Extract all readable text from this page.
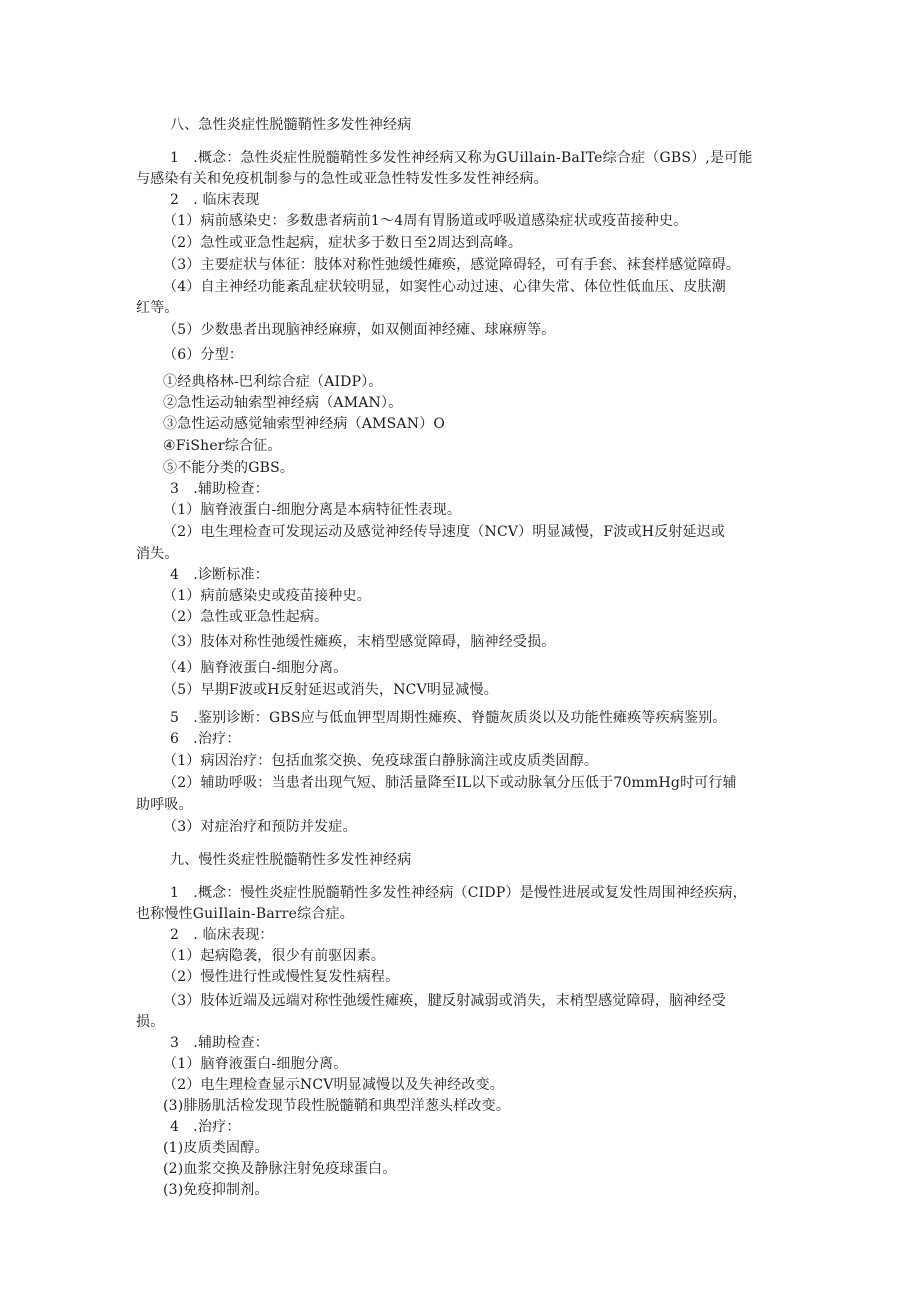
八、急性炎症性脱髓鞘性多发性神经病
1　.概念：急性炎症性脱髓鞘性多发性神经病又称为GUillain-BaITe综合症（GBS）,是可能
与感染有关和免疫机制参与的急性或亚急性特发性多发性神经病。
2　. 临床表现
（1）病前感染史：多数患者病前1～4周有胃肠道或呼吸道感染症状或疫苗接种史。
（2）急性或亚急性起病，症状多于数日至2周达到高峰。
（3）主要症状与体征：肢体对称性弛缓性瘫痪，感觉障碍轻，可有手套、袜套样感觉障碍。
（4）自主神经功能紊乱症状较明显，如窦性心动过速、心律失常、体位性低血压、皮肤潮
红等。
（5）少数患者出现脑神经麻痹，如双侧面神经瘫、球麻痹等。
（6）分型：
①经典格林-巴利综合症（AIDP）。
②急性运动轴索型神经病（AMAN）。
③急性运动感觉轴索型神经病（AMSAN）O
④FiSher综合征。
⑤不能分类的GBS。
3　.辅助检查：
（1）脑脊液蛋白-细胞分离是本病特征性表现。
（2）电生理检查可发现运动及感觉神经传导速度（NCV）明显减慢，F波或H反射延迟或
消失。
4　.诊断标准：
（1）病前感染史或疫苗接种史。
（2）急性或亚急性起病。
（3）肢体对称性弛缓性瘫痪，末梢型感觉障碍，脑神经受损。
（4）脑脊液蛋白-细胞分离。
（5）早期F波或H反射延迟或消失，NCV明显减慢。
5　.鉴别诊断：GBS应与低血钾型周期性瘫痪、脊髓灰质炎以及功能性瘫痪等疾病鉴别。
6　.治疗：
（1）病因治疗：包括血浆交换、免疫球蛋白静脉滴注或皮质类固醇。
（2）辅助呼吸：当患者出现气短、肺活量降至IL以下或动脉氧分压低于70mmHg时可行辅
助呼吸。
（3）对症治疗和预防并发症。
九、慢性炎症性脱髓鞘性多发性神经病
1　.概念：慢性炎症性脱髓鞘性多发性神经病（CIDP）是慢性进展或复发性周围神经疾病，
也称慢性GuiIlain-Barre综合症。
2　. 临床表现：
（1）起病隐袭，很少有前驱因素。
（2）慢性进行性或慢性复发性病程。
（3）肢体近端及远端对称性弛缓性瘫痪，腱反射减弱或消失，末梢型感觉障碍，脑神经受
损。
3　.辅助检查：
（1）脑脊液蛋白-细胞分离。
（2）电生理检查显示NCV明显减慢以及失神经改变。
(3)腓肠肌活检发现节段性脱髓鞘和典型洋葱头样改变。
4　.治疗：
(1)皮质类固醇。
(2)血浆交换及静脉注射免疫球蛋白。
(3)免疫抑制剂。
